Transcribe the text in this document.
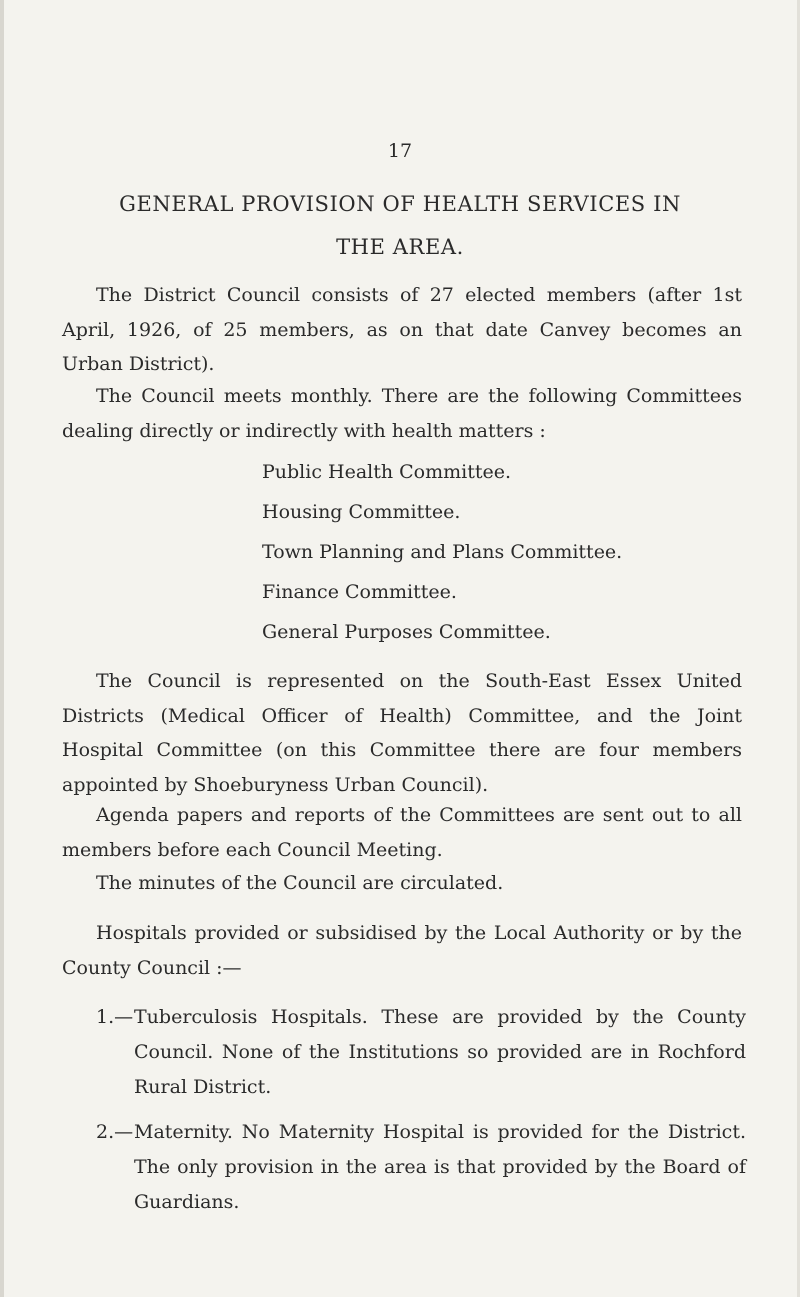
17
GENERAL PROVISION OF HEALTH SERVICES IN
THE AREA.
The District Council consists of 27 elected members (after 1st April, 1926, of 25 members, as on that date Canvey becomes an Urban District).
The Council meets monthly. There are the following Committees dealing directly or indirectly with health matters :
Public Health Committee.
Housing Committee.
Town Planning and Plans Committee.
Finance Committee.
General Purposes Committee.
The Council is represented on the South-East Essex United Districts (Medical Officer of Health) Committee, and the Joint Hospital Committee (on this Committee there are four members appointed by Shoeburyness Urban Council).
Agenda papers and reports of the Committees are sent out to all members before each Council Meeting.
The minutes of the Council are circulated.
Hospitals provided or subsidised by the Local Authority or by the County Council :—
1.— Tuberculosis Hospitals. These are provided by the County Council. None of the Institutions so provided are in Rochford Rural District.
2.— Maternity. No Maternity Hospital is provided for the District. The only provision in the area is that provided by the Board of Guardians.
